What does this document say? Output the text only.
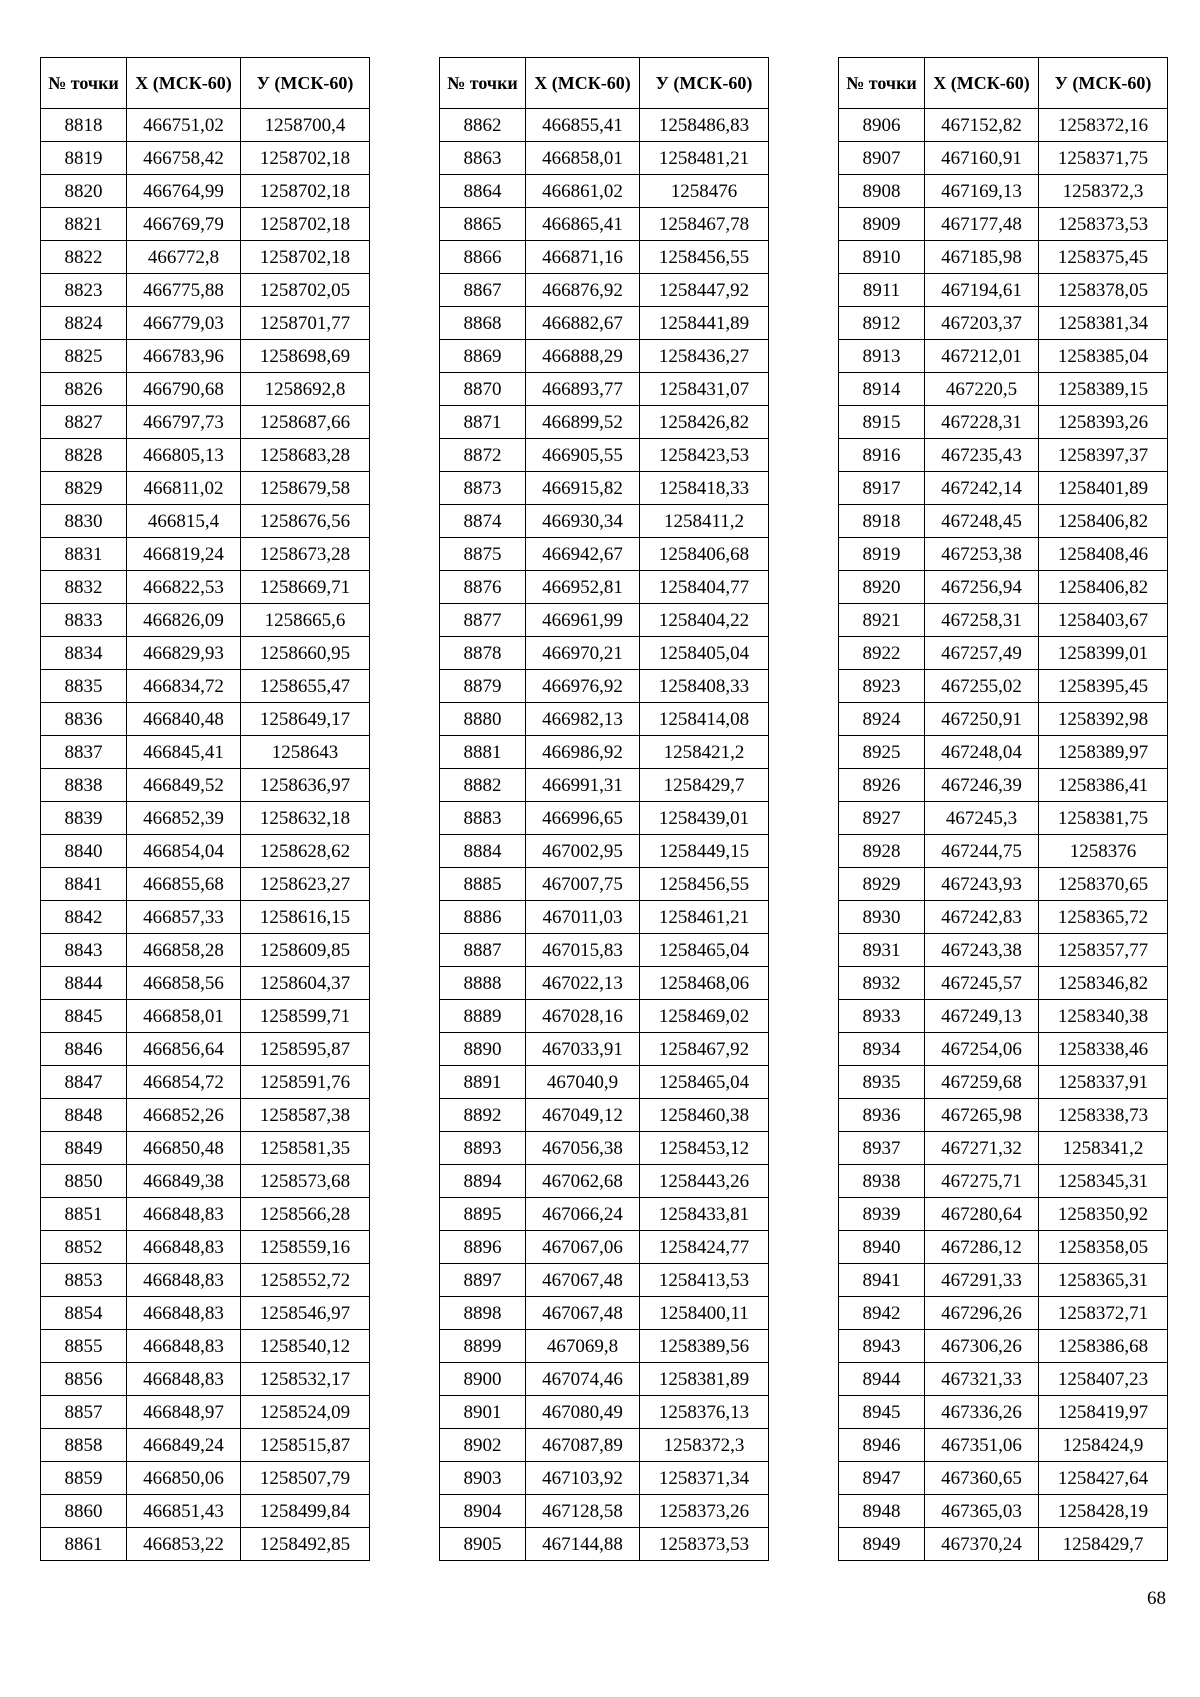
№ точки	Х (МСК-60)	У (МСК-60)
8818	466751,02	1258700,4
8819	466758,42	1258702,18
8820	466764,99	1258702,18
8821	466769,79	1258702,18
8822	466772,8	1258702,18
8823	466775,88	1258702,05
8824	466779,03	1258701,77
8825	466783,96	1258698,69
8826	466790,68	1258692,8
8827	466797,73	1258687,66
8828	466805,13	1258683,28
8829	466811,02	1258679,58
8830	466815,4	1258676,56
8831	466819,24	1258673,28
8832	466822,53	1258669,71
8833	466826,09	1258665,6
8834	466829,93	1258660,95
8835	466834,72	1258655,47
8836	466840,48	1258649,17
8837	466845,41	1258643
8838	466849,52	1258636,97
8839	466852,39	1258632,18
8840	466854,04	1258628,62
8841	466855,68	1258623,27
8842	466857,33	1258616,15
8843	466858,28	1258609,85
8844	466858,56	1258604,37
8845	466858,01	1258599,71
8846	466856,64	1258595,87
8847	466854,72	1258591,76
8848	466852,26	1258587,38
8849	466850,48	1258581,35
8850	466849,38	1258573,68
8851	466848,83	1258566,28
8852	466848,83	1258559,16
8853	466848,83	1258552,72
8854	466848,83	1258546,97
8855	466848,83	1258540,12
8856	466848,83	1258532,17
8857	466848,97	1258524,09
8858	466849,24	1258515,87
8859	466850,06	1258507,79
8860	466851,43	1258499,84
8861	466853,22	1258492,85
№ точки	Х (МСК-60)	У (МСК-60)
8862	466855,41	1258486,83
8863	466858,01	1258481,21
8864	466861,02	1258476
8865	466865,41	1258467,78
8866	466871,16	1258456,55
8867	466876,92	1258447,92
8868	466882,67	1258441,89
8869	466888,29	1258436,27
8870	466893,77	1258431,07
8871	466899,52	1258426,82
8872	466905,55	1258423,53
8873	466915,82	1258418,33
8874	466930,34	1258411,2
8875	466942,67	1258406,68
8876	466952,81	1258404,77
8877	466961,99	1258404,22
8878	466970,21	1258405,04
8879	466976,92	1258408,33
8880	466982,13	1258414,08
8881	466986,92	1258421,2
8882	466991,31	1258429,7
8883	466996,65	1258439,01
8884	467002,95	1258449,15
8885	467007,75	1258456,55
8886	467011,03	1258461,21
8887	467015,83	1258465,04
8888	467022,13	1258468,06
8889	467028,16	1258469,02
8890	467033,91	1258467,92
8891	467040,9	1258465,04
8892	467049,12	1258460,38
8893	467056,38	1258453,12
8894	467062,68	1258443,26
8895	467066,24	1258433,81
8896	467067,06	1258424,77
8897	467067,48	1258413,53
8898	467067,48	1258400,11
8899	467069,8	1258389,56
8900	467074,46	1258381,89
8901	467080,49	1258376,13
8902	467087,89	1258372,3
8903	467103,92	1258371,34
8904	467128,58	1258373,26
8905	467144,88	1258373,53
№ точки	Х (МСК-60)	У (МСК-60)
8906	467152,82	1258372,16
8907	467160,91	1258371,75
8908	467169,13	1258372,3
8909	467177,48	1258373,53
8910	467185,98	1258375,45
8911	467194,61	1258378,05
8912	467203,37	1258381,34
8913	467212,01	1258385,04
8914	467220,5	1258389,15
8915	467228,31	1258393,26
8916	467235,43	1258397,37
8917	467242,14	1258401,89
8918	467248,45	1258406,82
8919	467253,38	1258408,46
8920	467256,94	1258406,82
8921	467258,31	1258403,67
8922	467257,49	1258399,01
8923	467255,02	1258395,45
8924	467250,91	1258392,98
8925	467248,04	1258389,97
8926	467246,39	1258386,41
8927	467245,3	1258381,75
8928	467244,75	1258376
8929	467243,93	1258370,65
8930	467242,83	1258365,72
8931	467243,38	1258357,77
8932	467245,57	1258346,82
8933	467249,13	1258340,38
8934	467254,06	1258338,46
8935	467259,68	1258337,91
8936	467265,98	1258338,73
8937	467271,32	1258341,2
8938	467275,71	1258345,31
8939	467280,64	1258350,92
8940	467286,12	1258358,05
8941	467291,33	1258365,31
8942	467296,26	1258372,71
8943	467306,26	1258386,68
8944	467321,33	1258407,23
8945	467336,26	1258419,97
8946	467351,06	1258424,9
8947	467360,65	1258427,64
8948	467365,03	1258428,19
8949	467370,24	1258429,7
68
